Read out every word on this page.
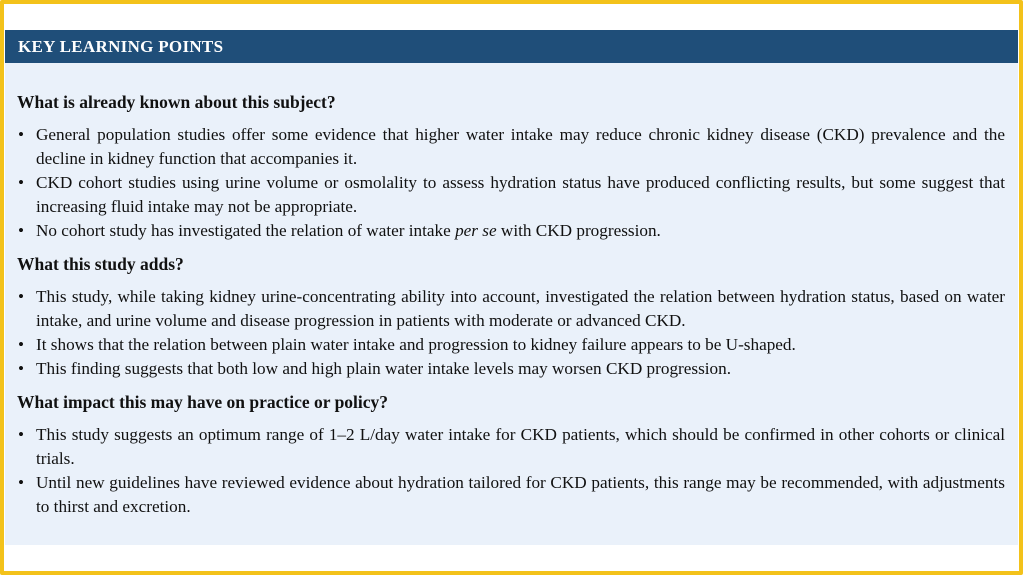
KEY LEARNING POINTS
What is already known about this subject?
• General population studies offer some evidence that higher water intake may reduce chronic kidney disease (CKD) prevalence and the decline in kidney function that accompanies it.
• CKD cohort studies using urine volume or osmolality to assess hydration status have produced conflicting results, but some suggest that increasing fluid intake may not be appropriate.
• No cohort study has investigated the relation of water intake per se with CKD progression.
What this study adds?
• This study, while taking kidney urine-concentrating ability into account, investigated the relation between hydration status, based on water intake, and urine volume and disease progression in patients with moderate or advanced CKD.
• It shows that the relation between plain water intake and progression to kidney failure appears to be U-shaped.
• This finding suggests that both low and high plain water intake levels may worsen CKD progression.
What impact this may have on practice or policy?
• This study suggests an optimum range of 1–2 L/day water intake for CKD patients, which should be confirmed in other cohorts or clinical trials.
• Until new guidelines have reviewed evidence about hydration tailored for CKD patients, this range may be recommended, with adjustments to thirst and excretion.
